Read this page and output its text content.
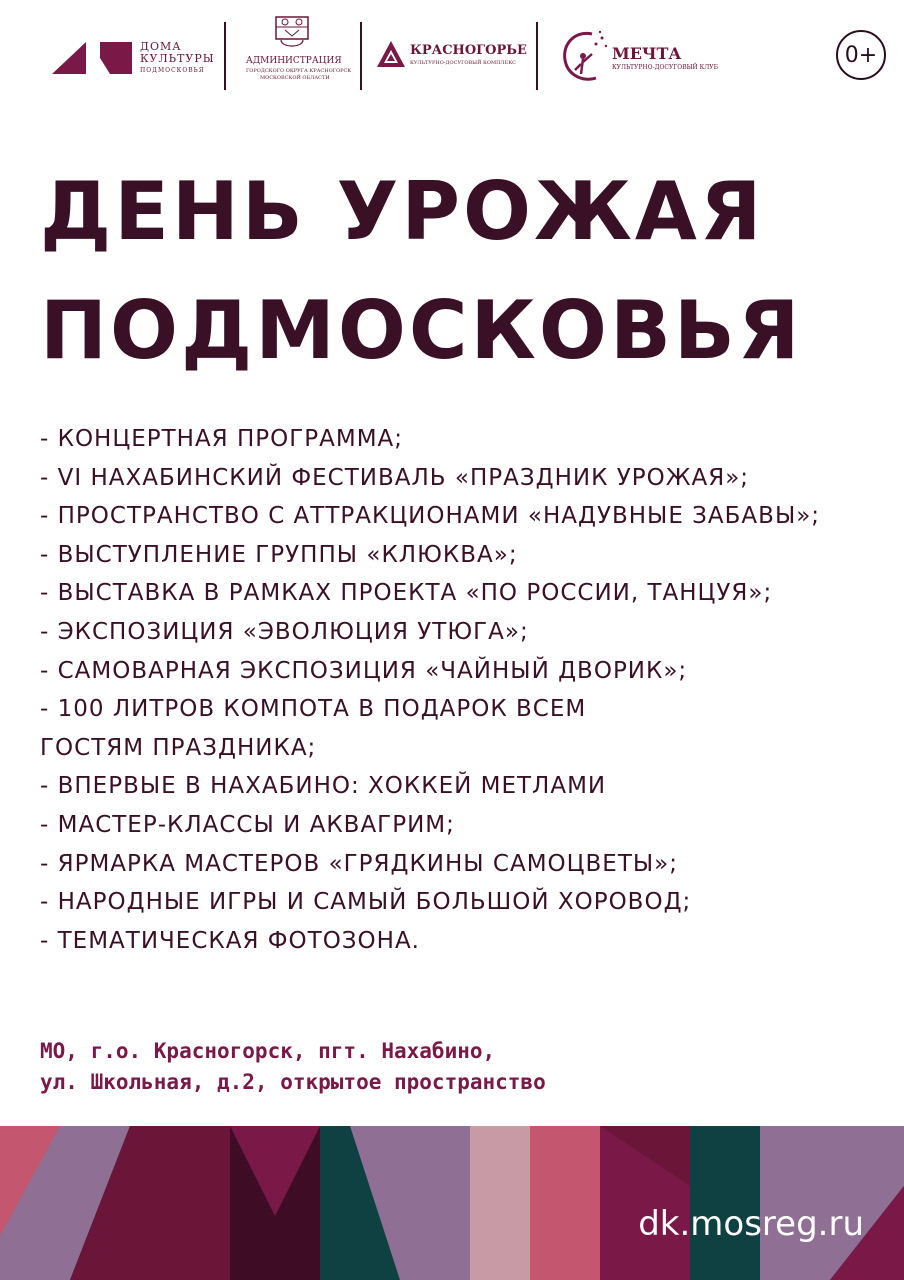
ДОМА
КУЛЬТУРЫ
ПОДМОСКОВЬЯ
АДМИНИСТРАЦИЯ
ГОРОДСКОГО ОКРУГА КРАСНОГОРСК
МОСКОВСКОЙ ОБЛАСТИ
КРАСНОГОРЬЕ
КУЛЬТУРНО-ДОСУГОВЫЙ КОМПЛЕКС	МЕЧТА
КУЛЬТУРНО-ДОСУГОВЫЙ КЛУБ	0+
ДЕНЬ УРОЖАЯ
ПОДМОСКОВЬЯ
- КОНЦЕРТНАЯ ПРОГРАММА;
- VI НАХАБИНСКИЙ ФЕСТИВАЛЬ «ПРАЗДНИК УРОЖАЯ»;
- ПРОСТРАНСТВО С АТТРАКЦИОНАМИ «НАДУВНЫЕ ЗАБАВЫ»;
- ВЫСТУПЛЕНИЕ ГРУППЫ «КЛЮКВА»;
- ВЫСТАВКА В РАМКАХ ПРОЕКТА «ПО РОССИИ, ТАНЦУЯ»;
- ЭКСПОЗИЦИЯ «ЭВОЛЮЦИЯ УТЮГА»;
- САМОВАРНАЯ ЭКСПОЗИЦИЯ «ЧАЙНЫЙ ДВОРИК»;
- 100 ЛИТРОВ КОМПОТА В ПОДАРОК ВСЕМ
ГОСТЯМ ПРАЗДНИКА;
- ВПЕРВЫЕ В НАХАБИНО: ХОККЕЙ МЕТЛАМИ
- МАСТЕР-КЛАССЫ И АКВАГРИМ;
- ЯРМАРКА МАСТЕРОВ «ГРЯДКИНЫ САМОЦВЕТЫ»;
- НАРОДНЫЕ ИГРЫ И САМЫЙ БОЛЬШОЙ ХОРОВОД;
- ТЕМАТИЧЕСКАЯ ФОТОЗОНА.
МО, г.о. Красногорск, пгт. Нахабино,
ул. Школьная, д.2, открытое пространство
dk.mosreg.ru
